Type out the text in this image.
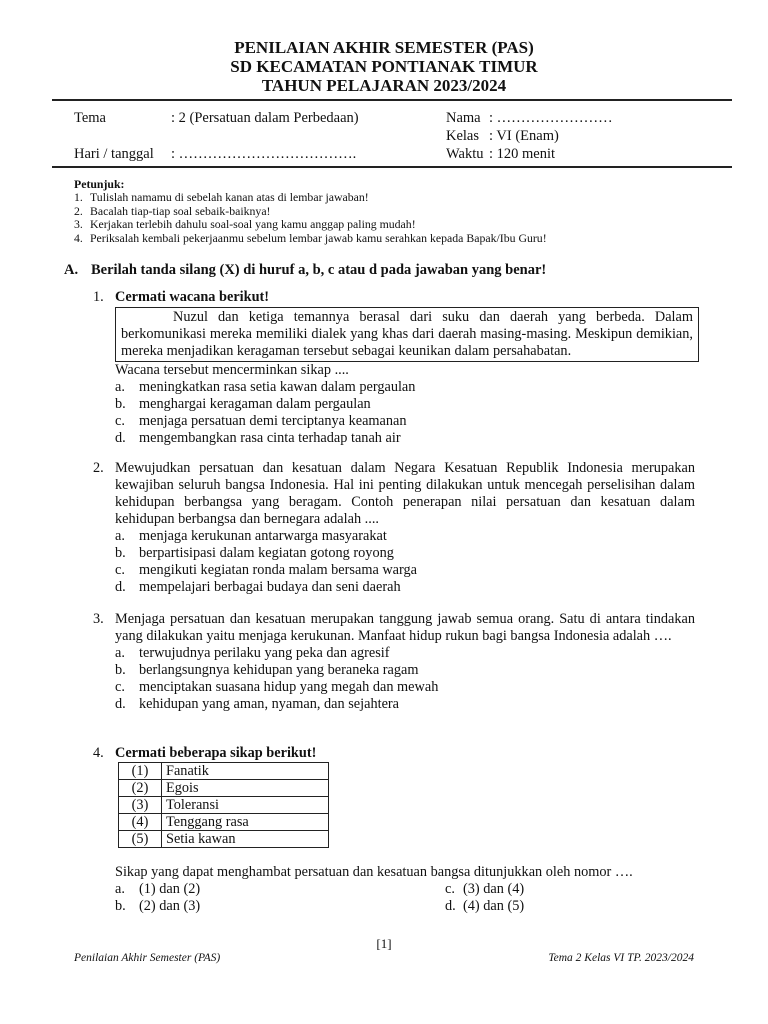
PENILAIAN AKHIR SEMESTER (PAS)
SD KECAMATAN PONTIANAK TIMUR
TAHUN PELAJARAN 2023/2024
Tema	: 2 (Persatuan dalam Perbedaan)
Hari / tanggal : ……………………………….
Nama : ……………………
Kelas : VI (Enam)
Waktu : 120 menit
Petunjuk:
1. Tulislah namamu di sebelah kanan atas di lembar jawaban!
2. Bacalah tiap-tiap soal sebaik-baiknya!
3. Kerjakan terlebih dahulu soal-soal yang kamu anggap paling mudah!
4. Periksalah kembali pekerjaanmu sebelum lembar jawab kamu serahkan kepada Bapak/Ibu Guru!
A. Berilah tanda silang (X) di huruf a, b, c atau d pada jawaban yang benar!
1. Cermati wacana berikut!

Nuzul dan ketiga temannya berasal dari suku dan daerah yang berbeda. Dalam berkomunikasi mereka memiliki dialek yang khas dari daerah masing-masing. Meskipun demikian, mereka menjadikan keragaman tersebut sebagai keunikan dalam persahabatan.

Wacana tersebut mencerminkan sikap ....
a. meningkatkan rasa setia kawan dalam pergaulan
b. menghargai keragaman dalam pergaulan
c. menjaga persatuan demi terciptanya keamanan
d. mengembangkan rasa cinta terhadap tanah air
2. Mewujudkan persatuan dan kesatuan dalam Negara Kesatuan Republik Indonesia merupakan kewajiban seluruh bangsa Indonesia. Hal ini penting dilakukan untuk mencegah perselisihan dalam kehidupan berbangsa yang beragam. Contoh penerapan nilai persatuan dan kesatuan dalam kehidupan berbangsa dan bernegara adalah ....
a. menjaga kerukunan antarwarga masyarakat
b. berpartisipasi dalam kegiatan gotong royong
c. mengikuti kegiatan ronda malam bersama warga
d. mempelajari berbagai budaya dan seni daerah
3. Menjaga persatuan dan kesatuan merupakan tanggung jawab semua orang. Satu di antara tindakan yang dilakukan yaitu menjaga kerukunan. Manfaat hidup rukun bagi bangsa Indonesia adalah ….
a. terwujudnya perilaku yang peka dan agresif
b. berlangsungnya kehidupan yang beraneka ragam
c. menciptakan suasana hidup yang megah dan mewah
d. kehidupan yang aman, nyaman, dan sejahtera
4. Cermati beberapa sikap berikut!
(1)	Fanatik
(2)	Egois
(3)	Toleransi
(4)	Tenggang rasa
(5)	Setia kawan
Sikap yang dapat menghambat persatuan dan kesatuan bangsa ditunjukkan oleh nomor ….
a. (1) dan (2)	c. (3) dan (4)
b. (2) dan (3)	d. (4) dan (5)
[1]
Penilaian Akhir Semester (PAS)	Tema 2 Kelas VI TP. 2023/2024
